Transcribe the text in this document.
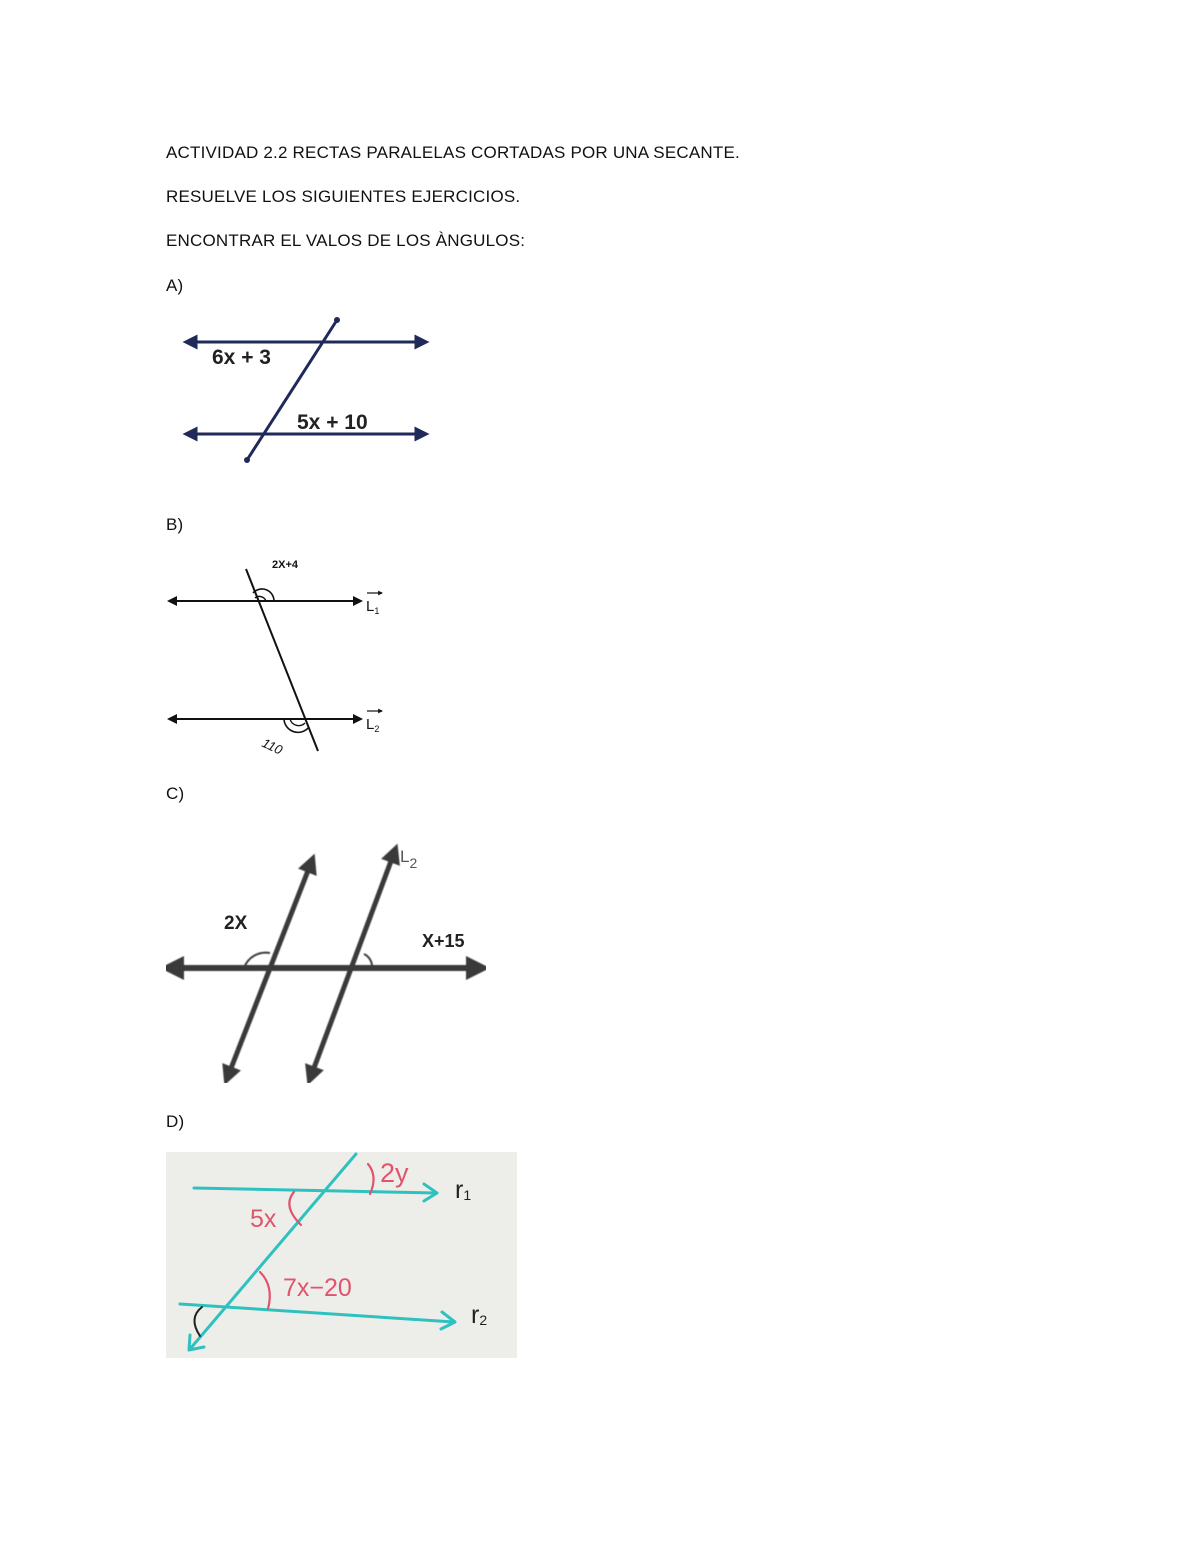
ACTIVIDAD 2.2 RECTAS PARALELAS CORTADAS POR UNA SECANTE.
RESUELVE LOS SIGUIENTES EJERCICIOS.
ENCONTRAR EL VALOS DE LOS ÀNGULOS:
A)
6x + 3
5x + 10
B)
2X+4
110
$L_1$
$L_2$
C)
2X
X+15
$L_2$
D)
2y
5x
7x−20
r1
r2
